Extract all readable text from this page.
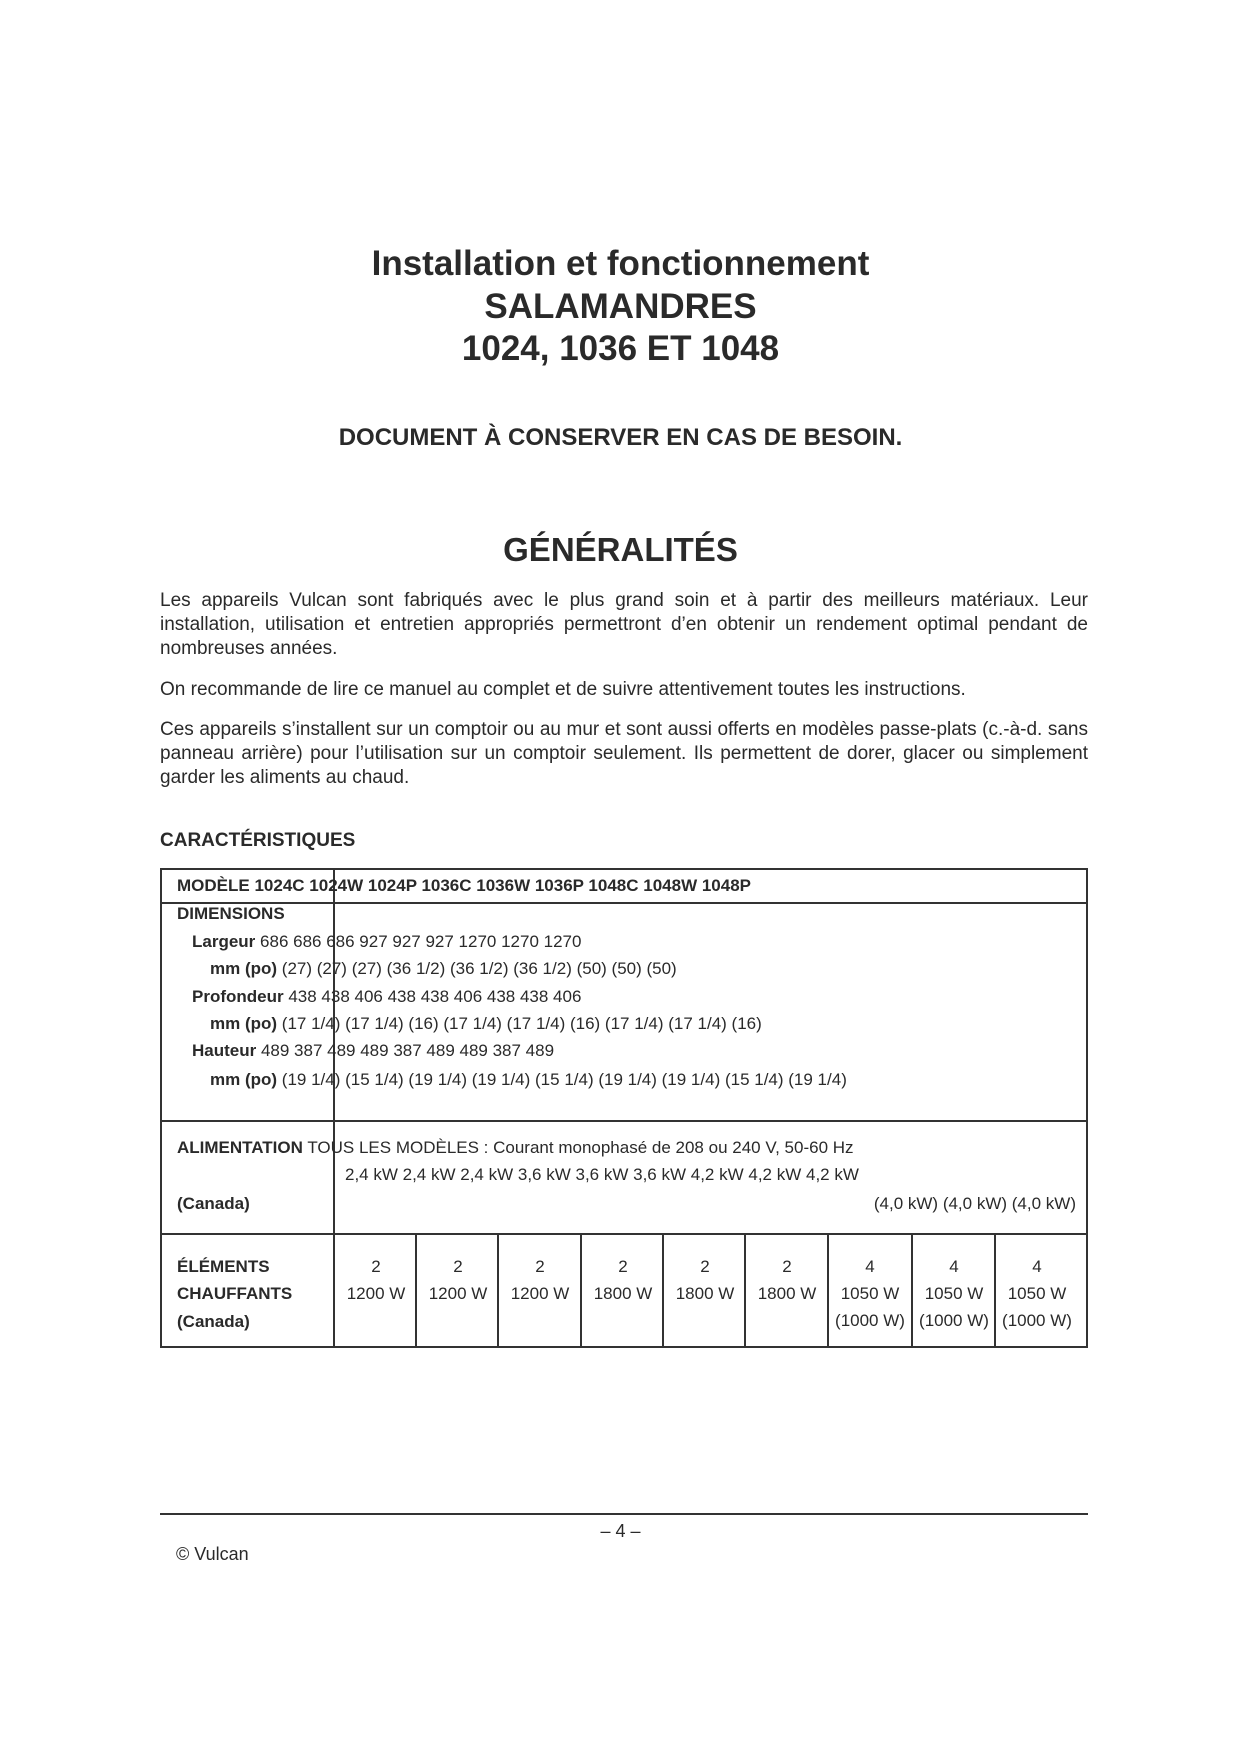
Installation et fonctionnement
SALAMANDRES
1024, 1036 ET 1048
DOCUMENT À CONSERVER EN CAS DE BESOIN.
GÉNÉRALITÉS
Les appareils Vulcan sont fabriqués avec le plus grand soin et à partir des meilleurs matériaux. Leur installation, utilisation et entretien appropriés permettront d’en obtenir un rendement optimal pendant de nombreuses années.
On recommande de lire ce manuel au complet et de suivre attentivement toutes les instructions.
Ces appareils s’installent sur un comptoir ou au mur et sont aussi offerts en modèles passe-plats (c.-à-d. sans panneau arrière) pour l’utilisation sur un comptoir seulement. Ils permettent de dorer, glacer ou simplement garder les aliments au chaud.
CARACTÉRISTIQUES
MODÈLE 1024C 1024W 1024P 1036C 1036W 1036P 1048C 1048W 1048P
DIMENSIONS
Largeur 686 686 686 927 927 927 1270 1270 1270
mm (po) (27) (27) (27) (36 1/2) (36 1/2) (36 1/2) (50) (50) (50)
Profondeur 438 438 406 438 438 406 438 438 406
mm (po) (17 1/4) (17 1/4) (16) (17 1/4) (17 1/4) (16) (17 1/4) (17 1/4) (16)
Hauteur 489 387 489 489 387 489 489 387 489
mm (po) (19 1/4) (15 1/4) (19 1/4) (19 1/4) (15 1/4) (19 1/4) (19 1/4) (15 1/4) (19 1/4)
ALIMENTATION TOUS LES MODÈLES : Courant monophasé de 208 ou 240 V, 50-60 Hz
2,4 kW 2,4 kW 2,4 kW 3,6 kW 3,6 kW 3,6 kW 4,2 kW 4,2 kW 4,2 kW
(Canada)	(4,0 kW) (4,0 kW) (4,0 kW)
ÉLÉMENTS
CHAUFFANTS
(Canada)
2
1200 W
2
1200 W
2
1200 W
2
1800 W
2
1800 W
2
1800 W
4
1050 W
(1000 W)
4
1050 W
(1000 W)
4
1050 W
(1000 W)
– 4 –
© Vulcan
